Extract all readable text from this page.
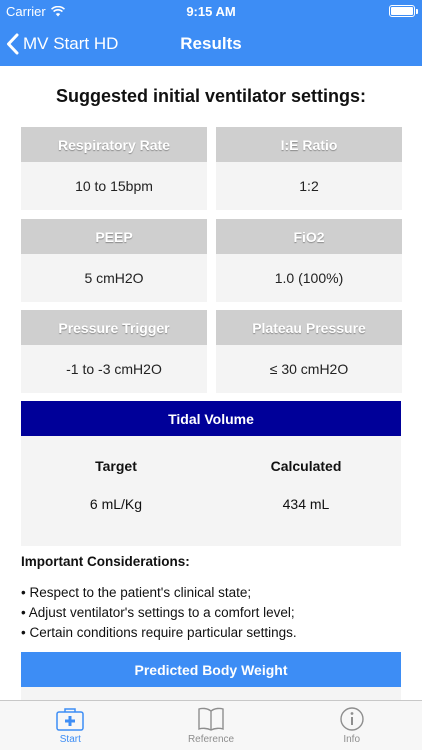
Carrier	9:15 AM
MV Start HD	Results
Suggested initial ventilator settings:
Respiratory Rate
10 to 15bpm
I:E Ratio
1:2
PEEP
5 cmH2O
FiO2
1.0 (100%)
Pressure Trigger
-1 to -3 cmH2O
Plateau Pressure
≤ 30 cmH2O
Tidal Volume
Target	Calculated
6 mL/Kg	434 mL
Important Considerations:
• Respect to the patient's clinical state;
• Adjust ventilator's settings to a comfort level;
• Certain conditions require particular settings.
Predicted Body Weight
Start	Reference	Info
